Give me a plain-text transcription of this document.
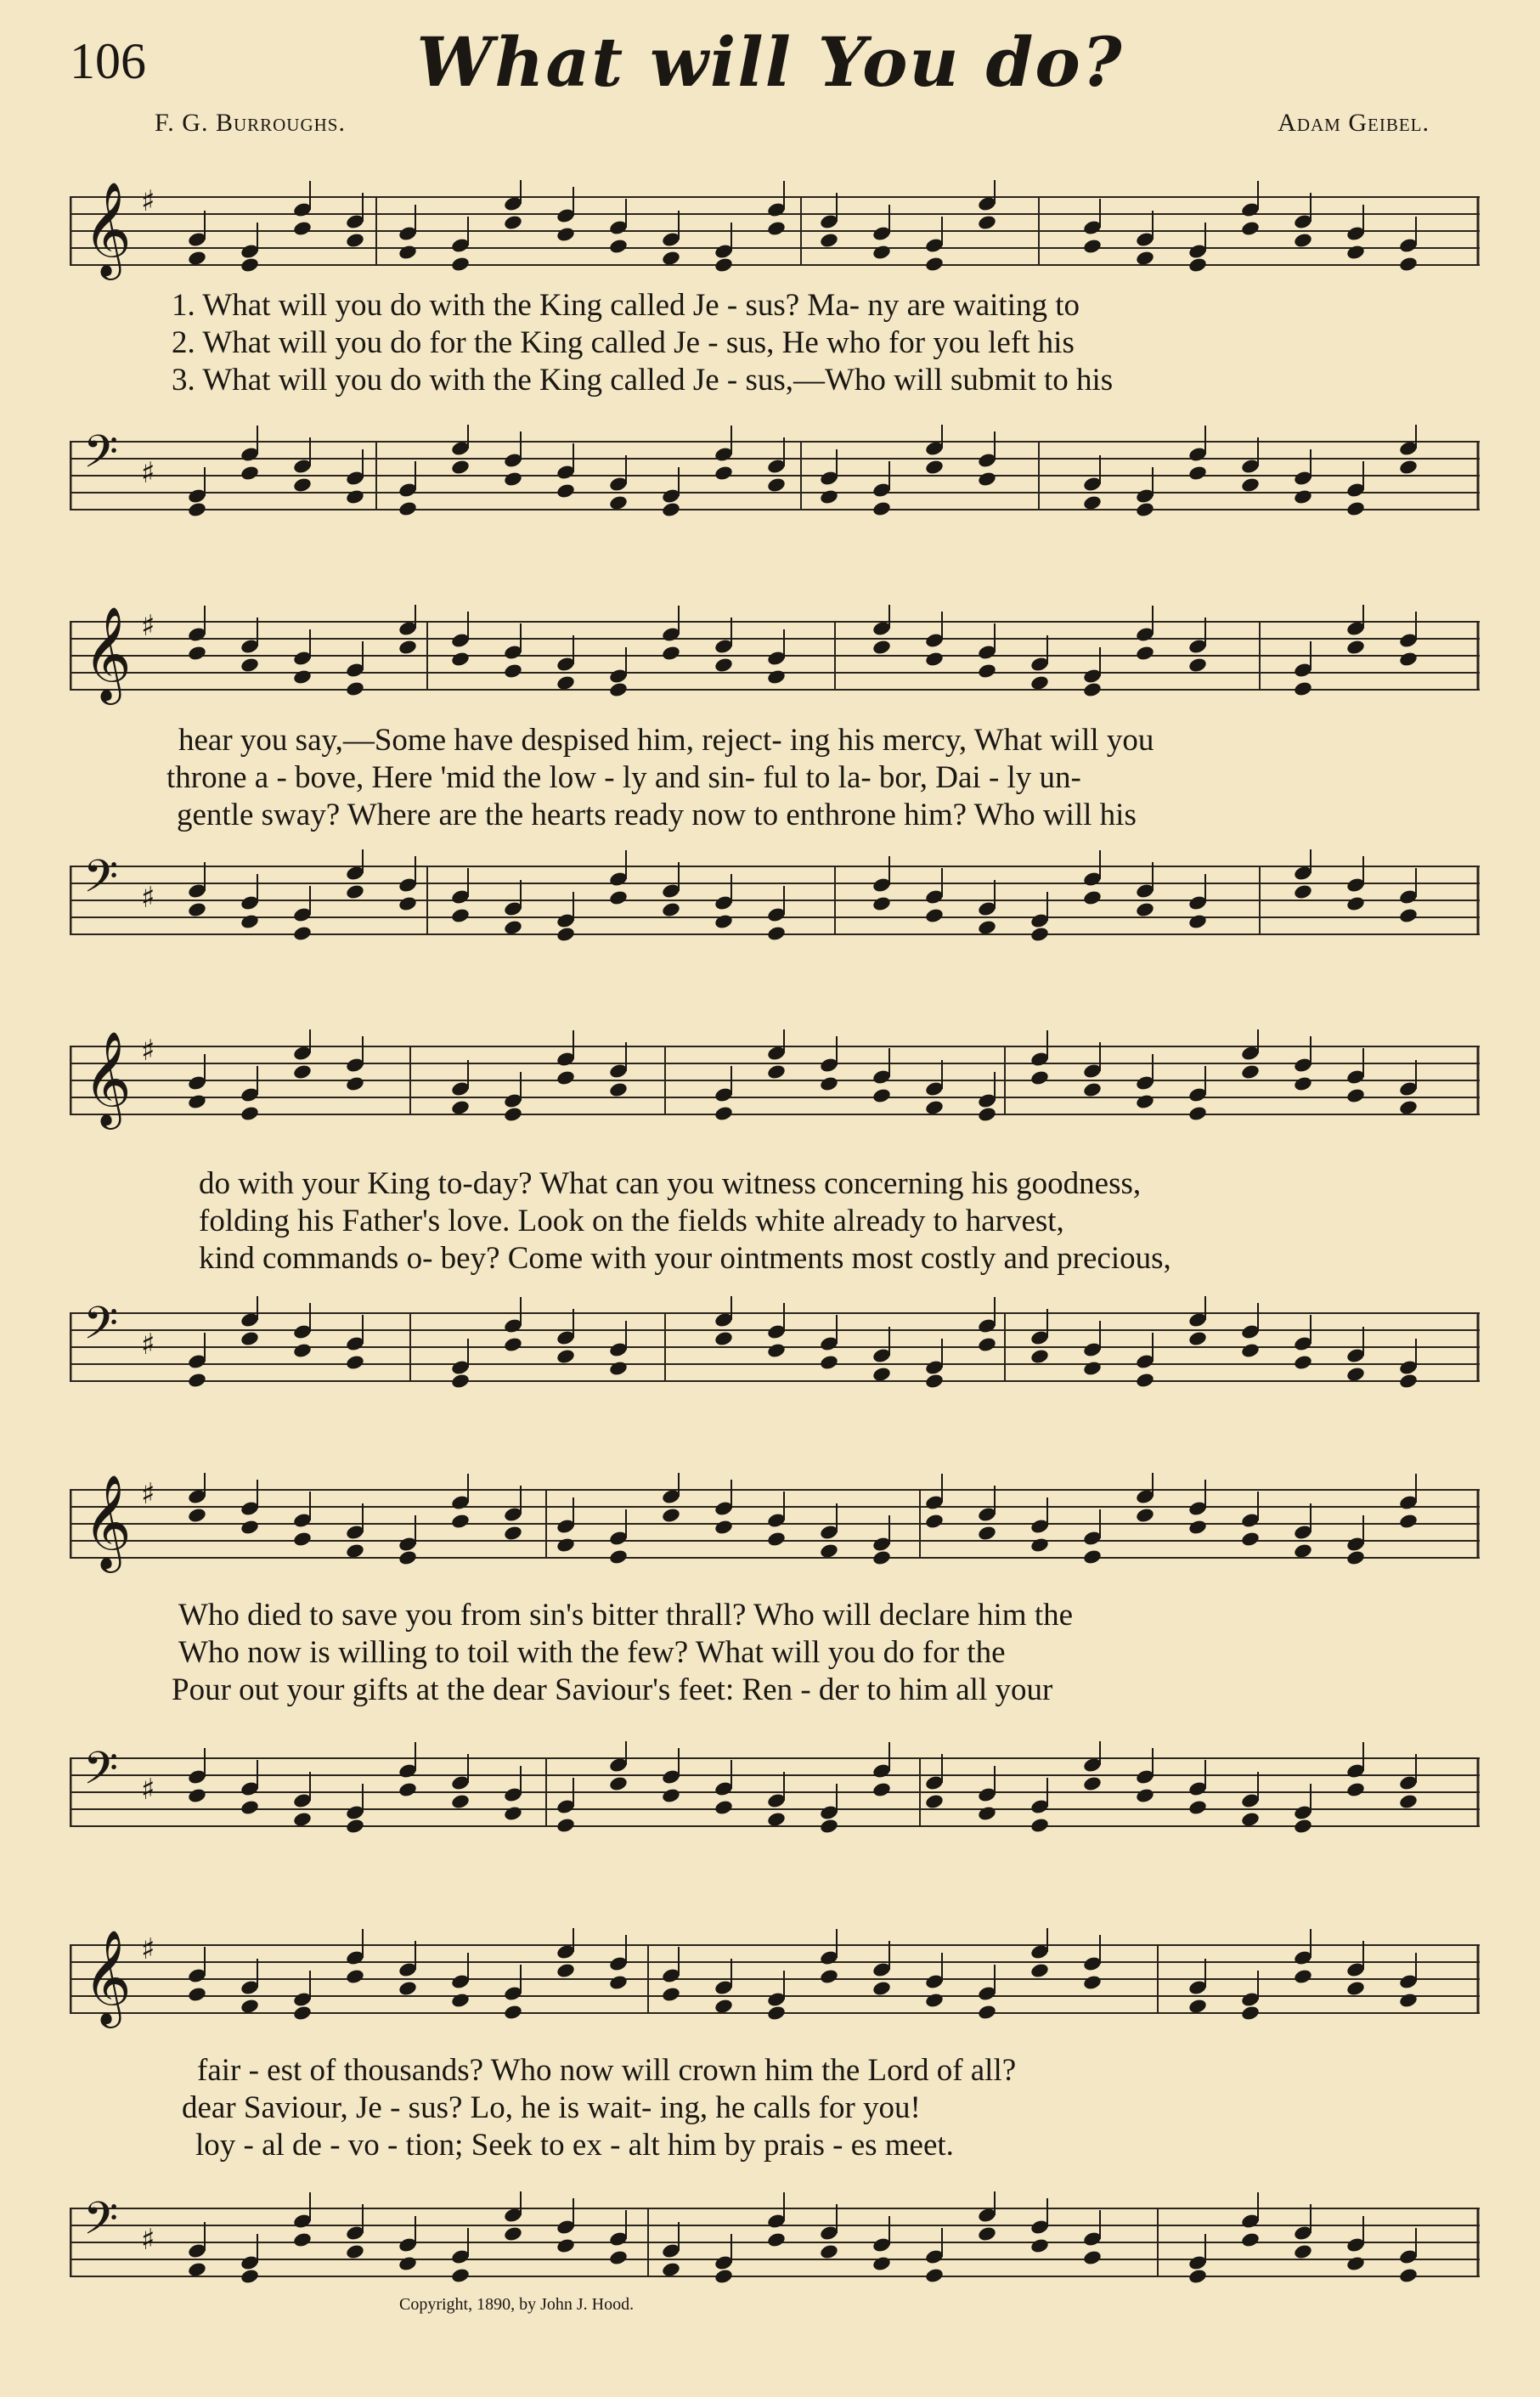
106	What will You do?
F. G. Burroughs.	Adam Geibel.
𝄞 ♯
1. What will you do with the King called Je - sus? Ma- ny are waiting to
2. What will you do for the King called Je - sus, He who for you left his
3. What will you do with the King called Je - sus,—Who will submit to his
𝄢 ♯
𝄞 ♯
hear you say,—Some have despised him, reject- ing his mercy, What will you
throne a - bove, Here 'mid the low - ly and sin- ful to la- bor, Dai - ly un-
gentle sway? Where are the hearts ready now to enthrone him? Who will his
𝄢 ♯
𝄞 ♯
do with your King to-day? What can you witness concerning his goodness,
folding his Father's love. Look on the fields white already to harvest,
kind commands o- bey? Come with your ointments most costly and precious,
𝄢 ♯
𝄞 ♯
Who died to save you from sin's bitter thrall? Who will declare him the
Who now is willing to toil with the few? What will you do for the
Pour out your gifts at the dear Saviour's feet: Ren - der to him all your
𝄢 ♯
𝄞 ♯
fair - est of thousands? Who now will crown him the Lord of all?
dear Saviour, Je - sus? Lo, he is wait- ing, he calls for you!
loy - al de - vo - tion; Seek to ex - alt him by prais - es meet.
𝄢 ♯
Copyright, 1890, by John J. Hood.
